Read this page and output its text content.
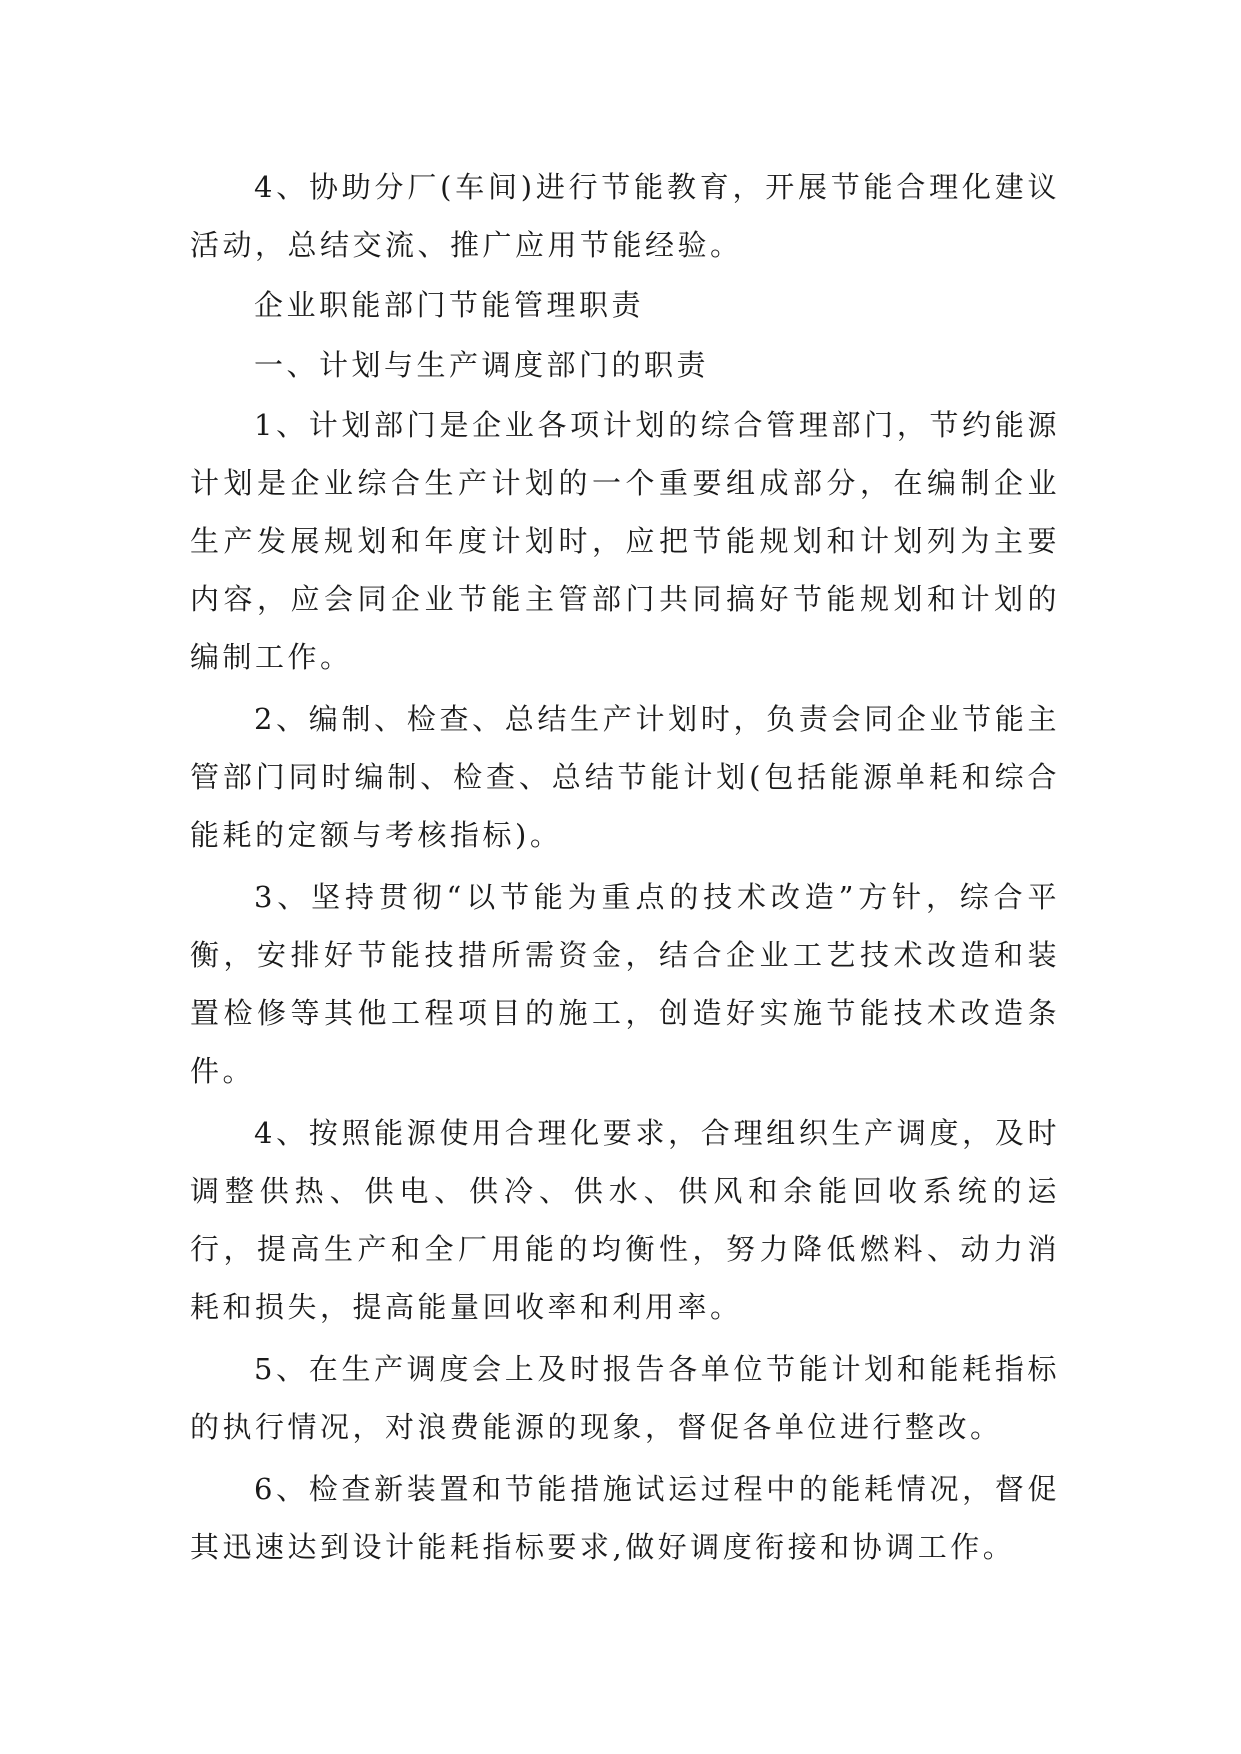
4、协助分厂(车间)进行节能教育，开展节能合理化建议活动，总结交流、推广应用节能经验。

企业职能部门节能管理职责

一、计划与生产调度部门的职责

1、计划部门是企业各项计划的综合管理部门，节约能源计划是企业综合生产计划的一个重要组成部分，在编制企业生产发展规划和年度计划时，应把节能规划和计划列为主要内容，应会同企业节能主管部门共同搞好节能规划和计划的编制工作。

2、编制、检查、总结生产计划时，负责会同企业节能主管部门同时编制、检查、总结节能计划(包括能源单耗和综合能耗的定额与考核指标)。

3、坚持贯彻“以节能为重点的技术改造”方针，综合平衡，安排好节能技措所需资金，结合企业工艺技术改造和装置检修等其他工程项目的施工，创造好实施节能技术改造条件。

4、按照能源使用合理化要求，合理组织生产调度，及时调整供热、供电、供冷、供水、供风和余能回收系统的运行，提高生产和全厂用能的均衡性，努力降低燃料、动力消耗和损失，提高能量回收率和利用率。

5、在生产调度会上及时报告各单位节能计划和能耗指标的执行情况，对浪费能源的现象，督促各单位进行整改。

6、检查新装置和节能措施试运过程中的能耗情况，督促其迅速达到设计能耗指标要求,做好调度衔接和协调工作。
